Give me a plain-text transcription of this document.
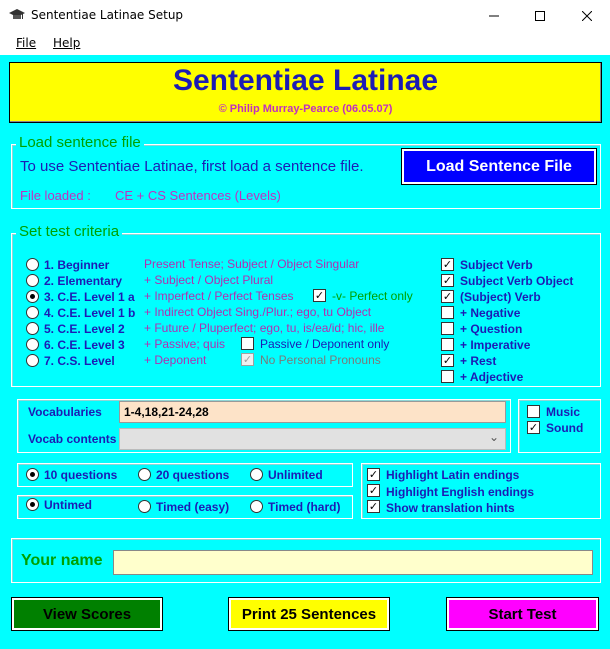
Sententiae Latinae Setup
File Help
Sententiae Latinae
© Philip Murray-Pearce (06.05.07)
Load sentence file
To use Sententiae Latinae, first load a sentence file.	Load Sentence File
File loaded : CE + CS Sentences (Levels)
Set test criteria
1. Beginner
2. Elementary
3. C.E. Level 1 a
4. C.E. Level 1 b
5. C.E. Level 2
6. C.E. Level 3
7. C.S. Level
Present Tense; Subject / Object Singular
+ Subject / Object Plural
+ Imperfect / Perfect Tenses
+ Indirect Object Sing./Plur.; ego, tu Object
+ Future / Pluperfect; ego, tu, is/ea/id; hic, ille
+ Passive; quis
+ Deponent
✓ -v- Perfect only
Passive / Deponent only
✓ No Personal Pronouns
✓ Subject Verb
✓ Subject Verb Object
✓ (Subject) Verb
+ Negative
+ Question
+ Imperative
✓ + Rest
+ Adjective
Vocabularies
1-4,18,21-24,28
Vocab contents	⌄
Music
✓ Sound
10 questions	20 questions	Unlimited
Untimed	Timed (easy)	Timed (hard)
✓ Highlight Latin endings
✓ Highlight English endings
✓ Show translation hints
Your name
View Scores	Print 25 Sentences	Start Test
